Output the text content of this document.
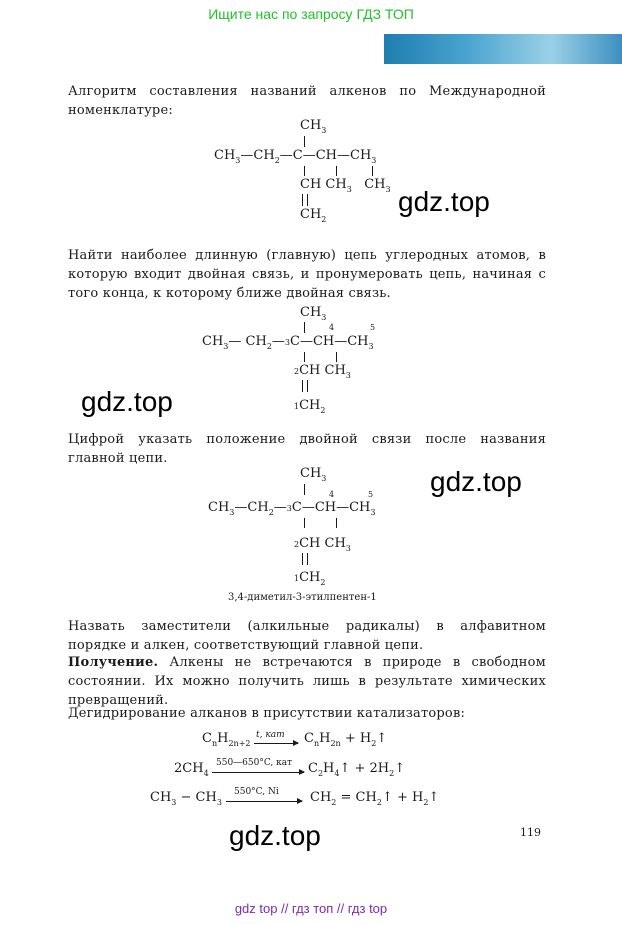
Ищите нас по запросу ГДЗ ТОП
Алгоритм составления названий алкенов по Международной номенклатуре:
$CH_3$
$CH_3—CH_2—C—CH—CH_3$
CH $CH_3$   $CH_3$
$CH_2$
gdz.top
Найти наиболее длинную (главную) цепь углеродных атомов, в которую входит двойная связь, и пронумеровать цепь, начиная с того конца, к которому ближе двойная связь.
$CH_3$
4	5
$CH_3—$ $CH_2—3C—CH—CH_3$
2CH $CH_3$
$1CH_2$
gdz.top
Цифрой указать положение двойной связи после названия главной цепи.
$CH_3$
4	5
$CH_3—CH_2—3C—CH—CH_3$
2CH $CH_3$
$1CH_2$
gdz.top
3,4-диметил-3-этилпентен-1
Назвать заместители (алкильные радикалы) в алфавитном порядке и алкен, соответствующий главной цепи.
Получение. Алкены не встречаются в природе в свободном состоянии. Их можно получить лишь в результате химических превращений.
Дегидрирование алканов в присутствии катализаторов:
$C_nH_{2n+2}$
t, кат $C_nH_{2n}$ + $H_2↑$
$2CH_4$
550—650°C, кат $C_2H_4↑$ + $2H_2↑$
$CH_3 - CH_3$
550°C, Ni $CH_2$ = $CH_2↑$ + $H_2↑$
gdz.top	119
gdz top // гдз топ // гдз top
